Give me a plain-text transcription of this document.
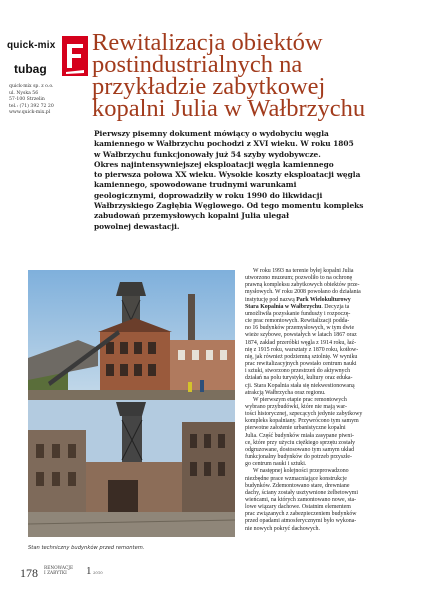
quick-mix
tubag
quick-mix sp. z o.o.
ul. Nyska 56
57-100 Strzelin
tel.: (71) 392 72 20
www.quick-mix.pl
Rewitalizacja obiektów
postindustrialnych na
przykładzie zabytkowej
kopalni Julia w Wałbrzychu
Pierwszy pisemny dokument mówiący o wydobyciu węgla
kamiennego w Wałbrzychu pochodzi z XVI wieku. W roku 1805
w Wałbrzychu funkcjonowały już 54 szyby wydobywcze.
Okres najintensywniejszej eksploatacji węgla kamiennego
to pierwsza połowa XX wieku. Wysokie koszty eksploatacji węgla
kamiennego, spowodowane trudnymi warunkami
geologicznymi, doprowadziły w roku 1990 do likwidacji
Wałbrzyskiego Zagłębia Węglowego. Od tego momentu kompleks
zabudowań przemysłowych kopalni Julia ulegał
powolnej dewastacji.
Stan techniczny budynków przed remontem.
W roku 1993 na terenie byłej kopalni Julia
utworzono muzeum; pozwoliło to na ochronę
prawną kompleksu zabytkowych obiektów prze-
mysłowych. W roku 2008 powołano do działania
instytucję pod nazwą Park Wielokulturowy
Stara Kopalnia w Wałbrzychu. Decyzja ta
umożliwiła pozyskanie fundusży i rozpoczę-
cie prac remontowych. Rewitalizacji podda-
no 16 budynków przemysłowych, w tym dwie
wieże szybowe, powstałych w latach 1867 oraz
1874, zakład przeróbki węgla z 1914 roku, łaź-
nię z 1915 roku, warsztaty z 1870 roku, kotłow-
nię, jak również podziemną sztolnię. W wyniku
prac rewitalizacyjnych powstało centrum nauki
i sztuki, stworzono przestrzeń do aktywnych
działań na polu turystyki, kultury oraz eduka-
cji. Stara Kopalnia stała się niekwestionowaną
atrakcją Wałbrzycha oraz regionu.
W pierwszym etapie prac remontowych
wybrano przybudówki, które nie mają war-
tości historycznej, szpecących jedynie zabytkowy
kompleks kopalniany. Przywrócono tym samym
pierwotne założenie urbanistyczne kopalni
Julia. Część budynków miała zasypane piwni-
ce, które przy użyciu ciężkiego sprzętu zostały
odgruzowane, dostosowano tym samym układ
funkcjonalny budynków do potrzeb przyszłe-
go centrum nauki i sztuki.
W następnej kolejności przeprowadzono
niezbędne prace wzmacniające konstrukcje
budynków. Zdemontowano stare, drewniane
dachy, ściany zostały usztywnione żelbetowymi
wieńcami, na których zamontowano nowe, sta-
lowe wiązary dachowe. Ostatnim elementem
prac związanych z zabezpieczeniem budynków
przed opadami atmosferycznymi było wykona-
nie nowych pokryć dachowych.
178 RENOWACJE
I ZABYTKI	1 2010
